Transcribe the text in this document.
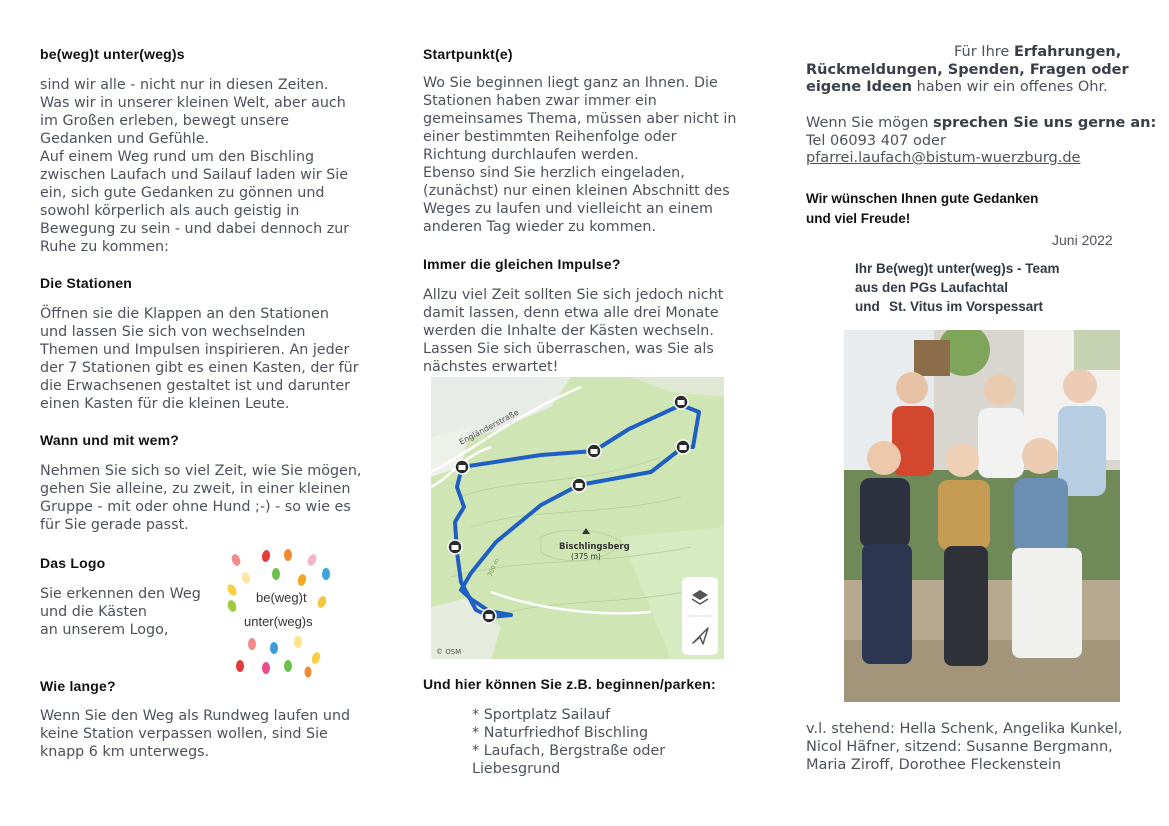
be(weg)t unter(weg)s
sind wir alle - nicht nur in diesen Zeiten.
Was wir in unserer kleinen Welt, aber auch
im Großen erleben, bewegt unsere
Gedanken und Gefühle.
Auf einem Weg rund um den Bischling
zwischen Laufach und Sailauf laden wir Sie
ein, sich gute Gedanken zu gönnen und
sowohl körperlich als auch geistig in
Bewegung zu sein - und dabei dennoch zur
Ruhe zu kommen:
Die Stationen
Öffnen sie die Klappen an den Stationen
und lassen Sie sich von wechselnden
Themen und Impulsen inspirieren. An jeder
der 7 Stationen gibt es einen Kasten, der für
die Erwachsenen gestaltet ist und darunter
einen Kasten für die kleinen Leute.
Wann und mit wem?
Nehmen Sie sich so viel Zeit, wie Sie mögen,
gehen Sie alleine, zu zweit, in einer kleinen
Gruppe - mit oder ohne Hund ;-) - so wie es
für Sie gerade passt.
Das Logo
Sie erkennen den Weg
und die Kästen
an unserem Logo,
be(weg)t
unter(weg)s
Wie lange?
Wenn Sie den Weg als Rundweg laufen und
keine Station verpassen wollen, sind Sie
knapp 6 km unterwegs.
Startpunkt(e)
Wo Sie beginnen liegt ganz an Ihnen. Die
Stationen haben zwar immer ein
gemeinsames Thema, müssen aber nicht in
einer bestimmten Reihenfolge oder
Richtung durchlaufen werden.
Ebenso sind Sie herzlich eingeladen,
(zunächst) nur einen kleinen Abschnitt des
Weges zu laufen und vielleicht an einem
anderen Tag wieder zu kommen.
Immer die gleichen Impulse?
Allzu viel Zeit sollten Sie sich jedoch nicht
damit lassen, denn etwa alle drei Monate
werden die Inhalte der Kästen wechseln.
Lassen Sie sich überraschen, was Sie als
nächstes erwartet!
Engländerstraße
Bischlingsberg
(375 m)
300 m
© OSM
Und hier können Sie z.B. beginnen/parken:
* Sportplatz Sailauf
* Naturfriedhof Bischling
* Laufach, Bergstraße oder
Liebesgrund
Für Ihre Erfahrungen,
Rückmeldungen, Spenden, Fragen oder
eigene Ideen haben wir ein offenes Ohr.
Wenn Sie mögen sprechen Sie uns gerne an:
Tel 06093 407 oder
pfarrei.laufach@bistum-wuerzburg.de
Wir wünschen Ihnen gute Gedanken
und viel Freude!
Juni 2022
Ihr Be(weg)t unter(weg)s - Team
aus den PGs Laufachtal
und St. Vitus im Vorspessart
v.l. stehend: Hella Schenk, Angelika Kunkel,
Nicol Häfner, sitzend: Susanne Bergmann,
Maria Ziroff, Dorothee Fleckenstein
